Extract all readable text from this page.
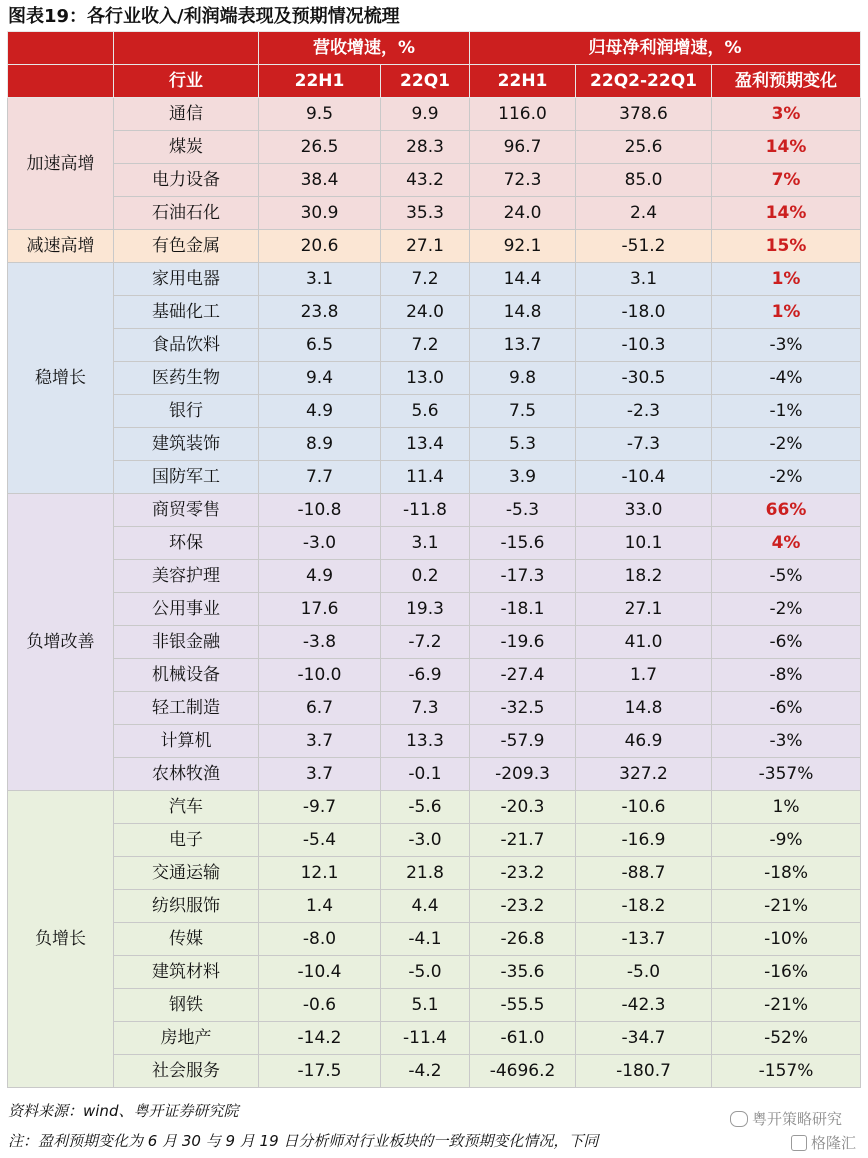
图表19：各行业收入/利润端表现及预期情况梳理
		营收增速，%		归母净利润增速，%		
	行业	22H1	22Q1	22H1	22Q2-22Q1	盈利预期变化
加速高增	通信	9.5	9.9	116.0	378.6	3%
	煤炭	26.5	28.3	96.7	25.6	14%
	电力设备	38.4	43.2	72.3	85.0	7%
	石油石化	30.9	35.3	24.0	2.4	14%
减速高增	有色金属	20.6	27.1	92.1	-51.2	15%
稳增长	家用电器	3.1	7.2	14.4	3.1	1%
	基础化工	23.8	24.0	14.8	-18.0	1%
	食品饮料	6.5	7.2	13.7	-10.3	-3%
	医药生物	9.4	13.0	9.8	-30.5	-4%
	银行	4.9	5.6	7.5	-2.3	-1%
	建筑装饰	8.9	13.4	5.3	-7.3	-2%
	国防军工	7.7	11.4	3.9	-10.4	-2%
负增改善	商贸零售	-10.8	-11.8	-5.3	33.0	66%
	环保	-3.0	3.1	-15.6	10.1	4%
	美容护理	4.9	0.2	-17.3	18.2	-5%
	公用事业	17.6	19.3	-18.1	27.1	-2%
	非银金融	-3.8	-7.2	-19.6	41.0	-6%
	机械设备	-10.0	-6.9	-27.4	1.7	-8%
	轻工制造	6.7	7.3	-32.5	14.8	-6%
	计算机	3.7	13.3	-57.9	46.9	-3%
	农林牧渔	3.7	-0.1	-209.3	327.2	-357%
负增长	汽车	-9.7	-5.6	-20.3	-10.6	1%
	电子	-5.4	-3.0	-21.7	-16.9	-9%
	交通运输	12.1	21.8	-23.2	-88.7	-18%
	纺织服饰	1.4	4.4	-23.2	-18.2	-21%
	传媒	-8.0	-4.1	-26.8	-13.7	-10%
	建筑材料	-10.4	-5.0	-35.6	-5.0	-16%
	钢铁	-0.6	5.1	-55.5	-42.3	-21%
	房地产	-14.2	-11.4	-61.0	-34.7	-52%
	社会服务	-17.5	-4.2	-4696.2	-180.7	-157%
资料来源：wind、粤开证券研究院
注：盈利预期变化为 6 月 30 与 9 月 19 日分析师对行业板块的一致预期变化情况，下同
粤开策略研究
格隆汇
